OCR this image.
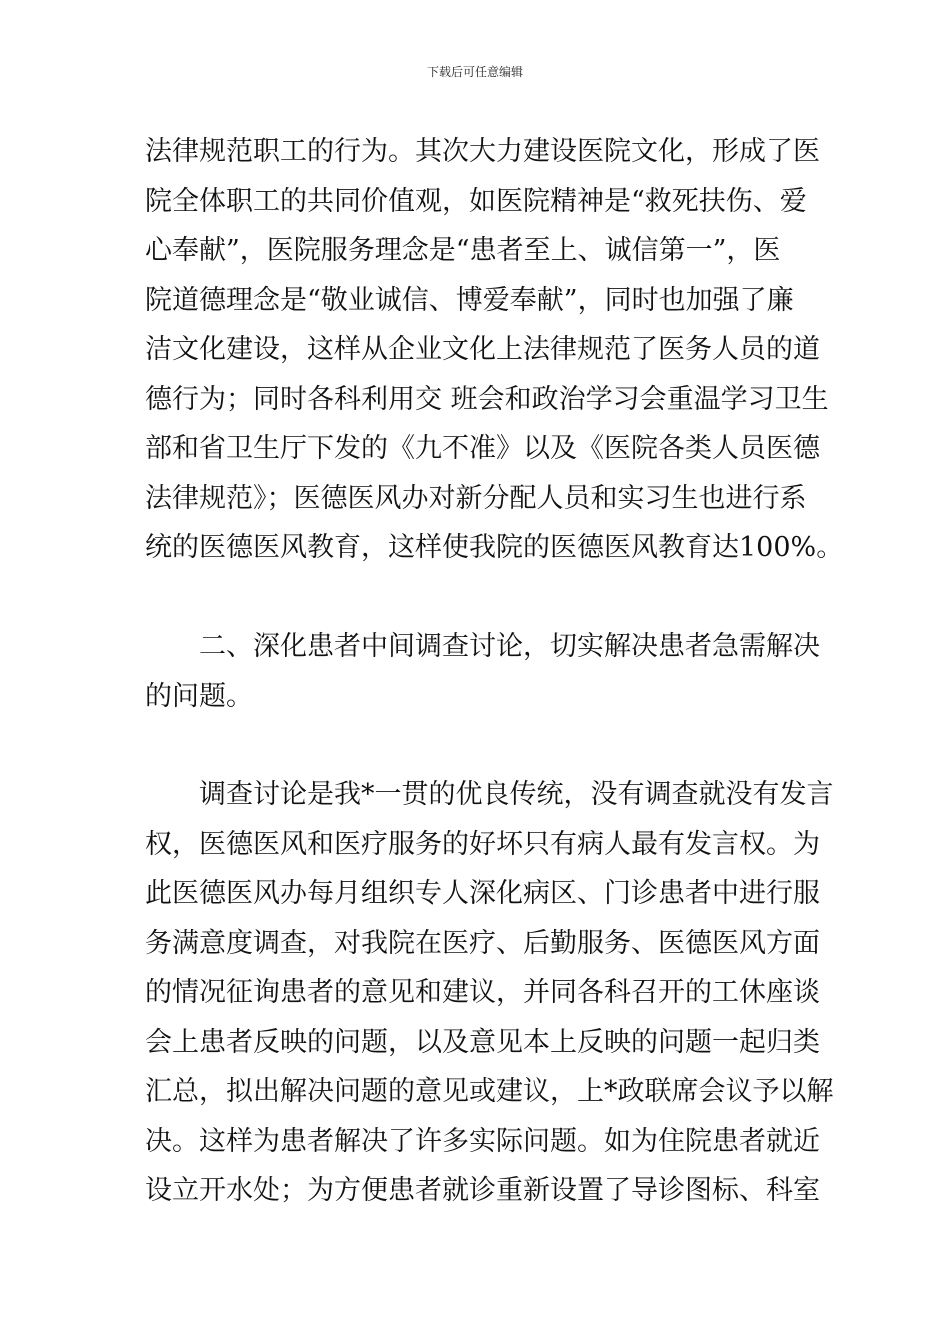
下载后可任意编辑
法律规范职工的行为。其次大力建设医院文化，形成了医
院全体职工的共同价值观，如医院精神是“救死扶伤、爱
心奉献”，医院服务理念是“患者至上、诚信第一”，医
院道德理念是“敬业诚信、博爱奉献”，同时也加强了廉
洁文化建设，这样从企业文化上法律规范了医务人员的道
德行为；同时各科利用交 班会和政治学习会重温学习卫生
部和省卫生厅下发的《九不准》以及《医院各类人员医德
法律规范》；医德医风办对新分配人员和实习生也进行系
统的医德医风教育，这样使我院的医德医风教育达100%。
二、深化患者中间调查讨论，切实解决患者急需解决
的问题。
调查讨论是我*一贯的优良传统，没有调查就没有发言
权，医德医风和医疗服务的好坏只有病人最有发言权。为
此医德医风办每月组织专人深化病区、门诊患者中进行服
务满意度调查，对我院在医疗、后勤服务、医德医风方面
的情况征询患者的意见和建议，并同各科召开的工休座谈
会上患者反映的问题，以及意见本上反映的问题一起归类
汇总，拟出解决问题的意见或建议，上*政联席会议予以解
决。这样为患者解决了许多实际问题。如为住院患者就近
设立开水处；为方便患者就诊重新设置了导诊图标、科室
